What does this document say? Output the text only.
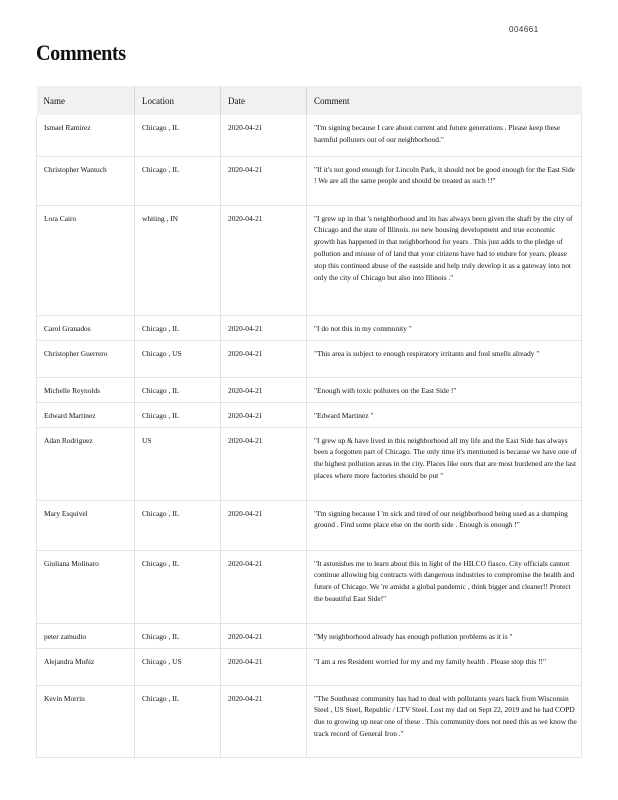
004661
Comments
Name	Location	Date	Comment
Ismael Ramirez	Chicago , IL	2020-04-21	"I'm signing because I care about current and future generations . Please keep these harmful polluters out of our neighborhood."
Christopher Wantuch	Chicago , IL	2020-04-21	"If it's not good enough for Lincoln Park, it should not be good enough for the East Side ! We are all the same people and should be treated as such !!"
Lora Cairo	whiting , IN	2020-04-21	"I grew up in that 's neighborhood and its has always been given the shaft by the city of Chicago and the state of Illinois. no new housing development and true economic growth has happened in that neighborhood for years . This just adds to the pledge of pollution and misuse of of land that your citizens have had to endure for years. please stop this continued abuse of the eastside and help truly develop it as a gateway into not only the city of Chicago but also into Illinois ."
Carol Granados	Chicago , IL	2020-04-21	"I do not this in my community "
Christopher Guerrero	Chicago , US	2020-04-21	"This area is subject to enough respiratory irritants and foul smells already "
Michelle Reynolds	Chicago , IL	2020-04-21	"Enough with toxic polluters on the East Side !"
Edward Martinez	Chicago , IL	2020-04-21	"Edward Martinez "
Adan Rodriguez	US	2020-04-21	"I grew up & have lived in this neighborhood all my life and the East Side has always been a forgotten part of Chicago. The only time it's mentioned is because we have one of the highest pollution areas in the city. Places like ours that are most burdened are the last places where more factories should be put "
Mary Esquivel	Chicago , IL	2020-04-21	"I'm signing because I 'm sick and tired of our neighborhood being used as a dumping ground . Find some place else on the north side . Enough is enough !"
Giuliana Molinaro	Chicago , IL	2020-04-21	"It astonishes me to learn about this in light of the HILCO fiasco. City officials cannot continue allowing big contracts with dangerous industries to compromise the health and future of Chicago. We 're amidst a global pandemic , think bigger and cleaner!! Protect the beautiful East Side!"
peter zamudio	Chicago , IL	2020-04-21	"My neighborhood already has enough pollution problems as it is "
Alejandra Muñiz	Chicago , US	2020-04-21	"I am a res Resident worried for my and my family health . Please stop this !!"
Kevin Morrin	Chicago , IL	2020-04-21	"The Southeast community has had to deal with pollutants years back from Wisconsin Steel , US Steel, Republic / LTV Steel. Lost my dad on Sept 22, 2019 and he had COPD due to growing up near one of these . This community does not need this as we know the track record of General Iron ."
